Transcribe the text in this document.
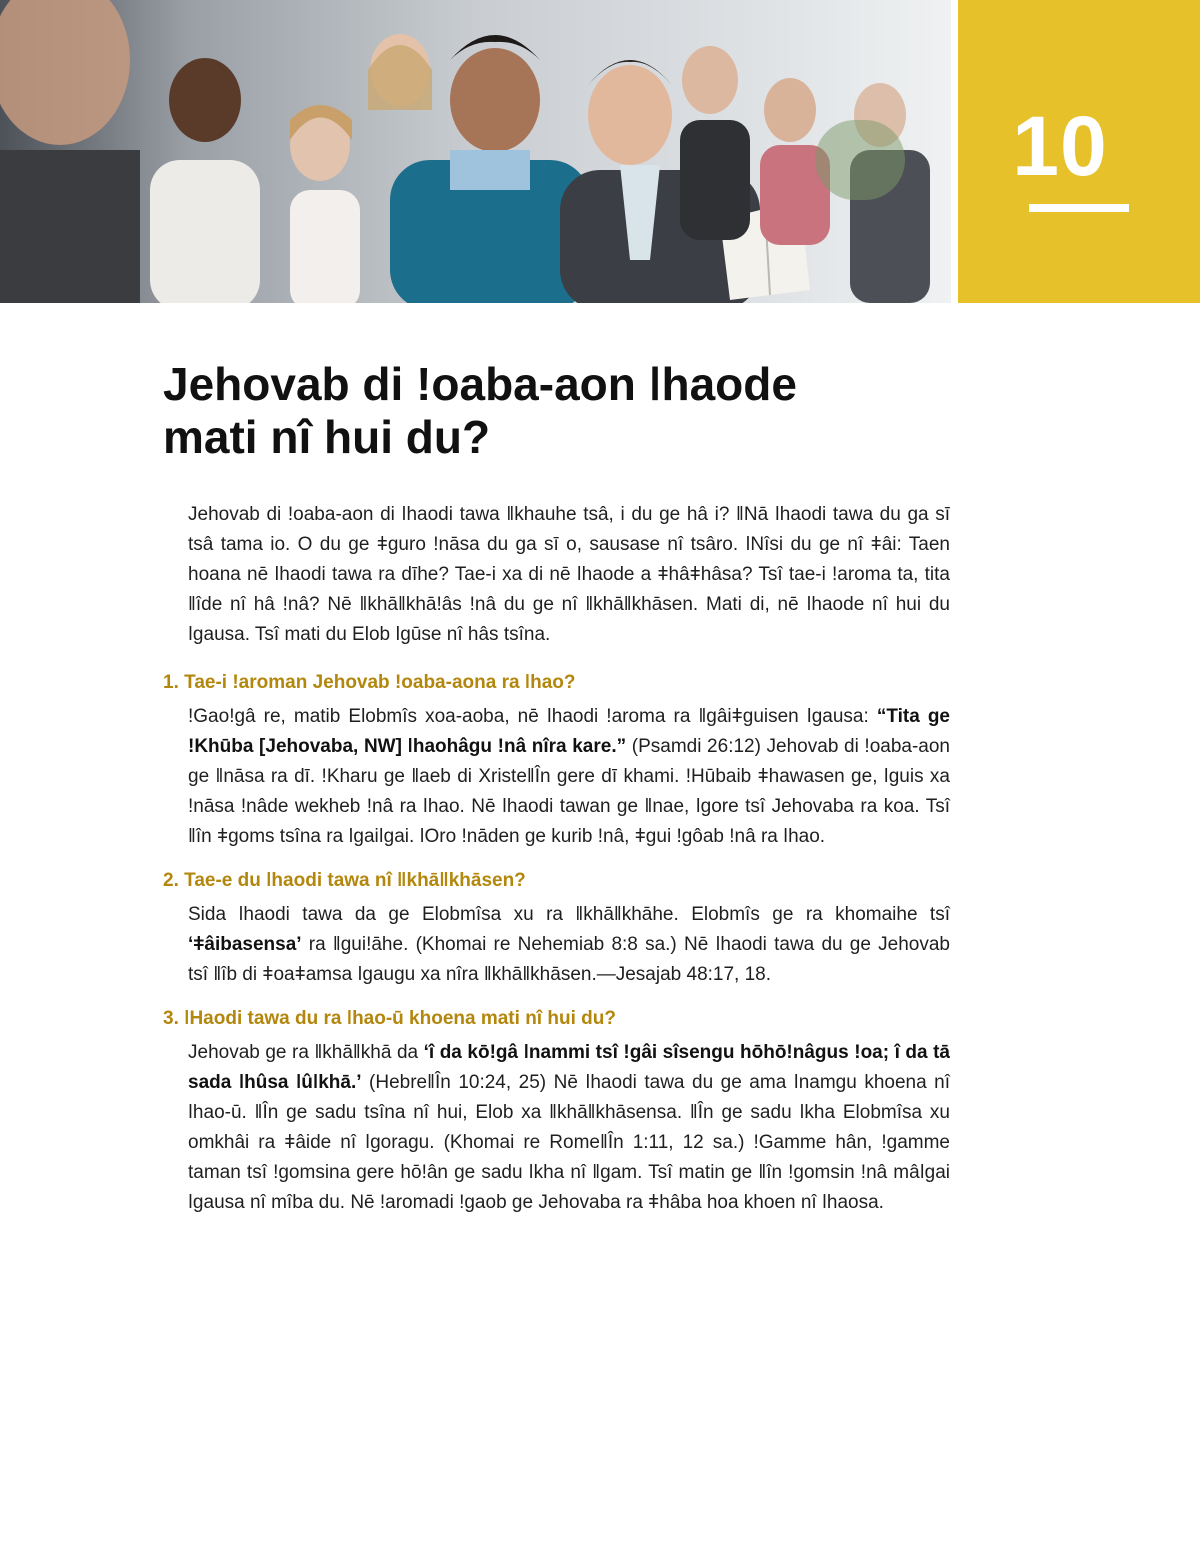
10
Jehovab di ǃoaba-aon ǀhaode
mati nî hui du?

Jehovab di ǃoaba-aon di ǀhaodi tawa ǁkhauhe tsâ, i du ge hâ i? ǁNā ǀhaodi tawa du ga sī tsâ tama io. O du ge ǂguro ǃnāsa du ga sī o, sausase nî tsâro. ǀNîsi du ge nî ǂâi: Taen hoana nē ǀhaodi tawa ra dīhe? Tae-i xa di nē ǀhaode a ǂhâǂhâsa? Tsî tae-i ǃaroma ta, tita ǁîde nî hâ ǃnâ? Nē ǁkhāǁkhāǃâs ǃnâ du ge nî ǁkhāǁkhāsen. Mati di, nē ǀhaode nî hui du ǀgausa. Tsî mati du Elob ǀgūse nî hâs tsîna.

1. Tae-i ǃaroman Jehovab ǃoaba-aona ra ǀhao?

ǃGaoǃgâ re, matib Elobmîs xoa-aoba, nē ǀhaodi ǃaroma ra ǁgâiǂguisen ǀgausa: “Tita ge ǃKhūba [Jehovaba, NW] ǀhaohâgu ǃnâ nîra kare.” (Psamdi 26:12) Jehovab di ǃoaba-aon ge ǁnāsa ra dī. ǃKharu ge ǁaeb di XristeǁÎn gere dī khami. ǃHūbaib ǂhawasen ge, ǀguis xa ǃnāsa ǃnâde wekheb ǃnâ ra ǀhao. Nē ǀhaodi tawan ge ǁnae, ǀgore tsî Jehovaba ra koa. Tsî ǁîn ǂgoms tsîna ra ǀgaiǀgai. ǀOro ǃnāden ge kurib ǃnâ, ǂgui ǃgôab ǃnâ ra ǀhao.

2. Tae-e du ǀhaodi tawa nî ǁkhāǁkhāsen?

Sida ǀhaodi tawa da ge Elobmîsa xu ra ǁkhāǁkhāhe. Elobmîs ge ra khomaihe tsî ‘ǂâibasensa’ ra ǁguiǃāhe. (Khomai re Nehemiab 8:8 sa.) Nē ǀhaodi tawa du ge Jehovab tsî ǁîb di ǂoaǂamsa ǀgaugu xa nîra ǁkhāǁkhāsen.—Jesajab 48:17, 18.

3. ǀHaodi tawa du ra ǀhao-ū khoena mati nî hui du?

Jehovab ge ra ǁkhāǁkhā da ‘î da kōǃgâ ǀnammi tsî ǃgâi sîsengu hōhōǃnâgus ǃoa; î da tā sada ǀhûsa ǀûǀkhā.’ (HebreǁÎn 10:24, 25) Nē ǀhaodi tawa du ge ama ǀnamgu khoena nî ǀhao-ū. ǁÎn ge sadu tsîna nî hui, Elob xa ǁkhāǁkhāsensa. ǁÎn ge sadu ǀkha Elobmîsa xu omkhâi ra ǂâide nî ǀgoragu. (Khomai re RomeǁÎn 1:11, 12 sa.) ǃGamme hân, ǃgamme taman tsî ǃgomsina gere hōǃân ge sadu ǀkha nî ǁgam. Tsî matin ge ǁîn ǃgomsin ǃnâ mâǀgai ǀgausa nî mîba du. Nē ǃaromadi ǃgaob ge Jehovaba ra ǂhâba hoa khoen nî ǀhaosa.
